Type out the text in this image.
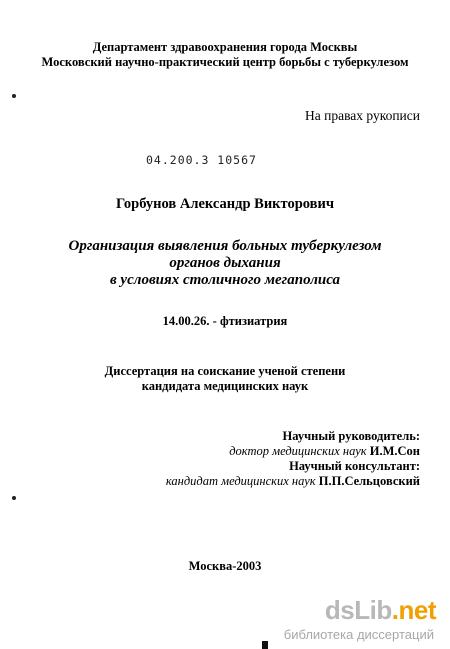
Департамент здравоохранения города Москвы
Московский научно-практический центр борьбы с туберкулезом
На правах рукописи
04.200.3 10567
Горбунов Александр Викторович
Организация выявления больных туберкулезом
органов дыхания
в условиях столичного мегаполиса
14.00.26. - фтизиатрия
Диссертация на соискание ученой степени
кандидата медицинских наук
Научный руководитель:
доктор медицинских наук И.М.Сон
Научный консультант:
кандидат медицинских наук П.П.Сельцовский
Москва-2003
dsLib.net
библиотека диссертаций
